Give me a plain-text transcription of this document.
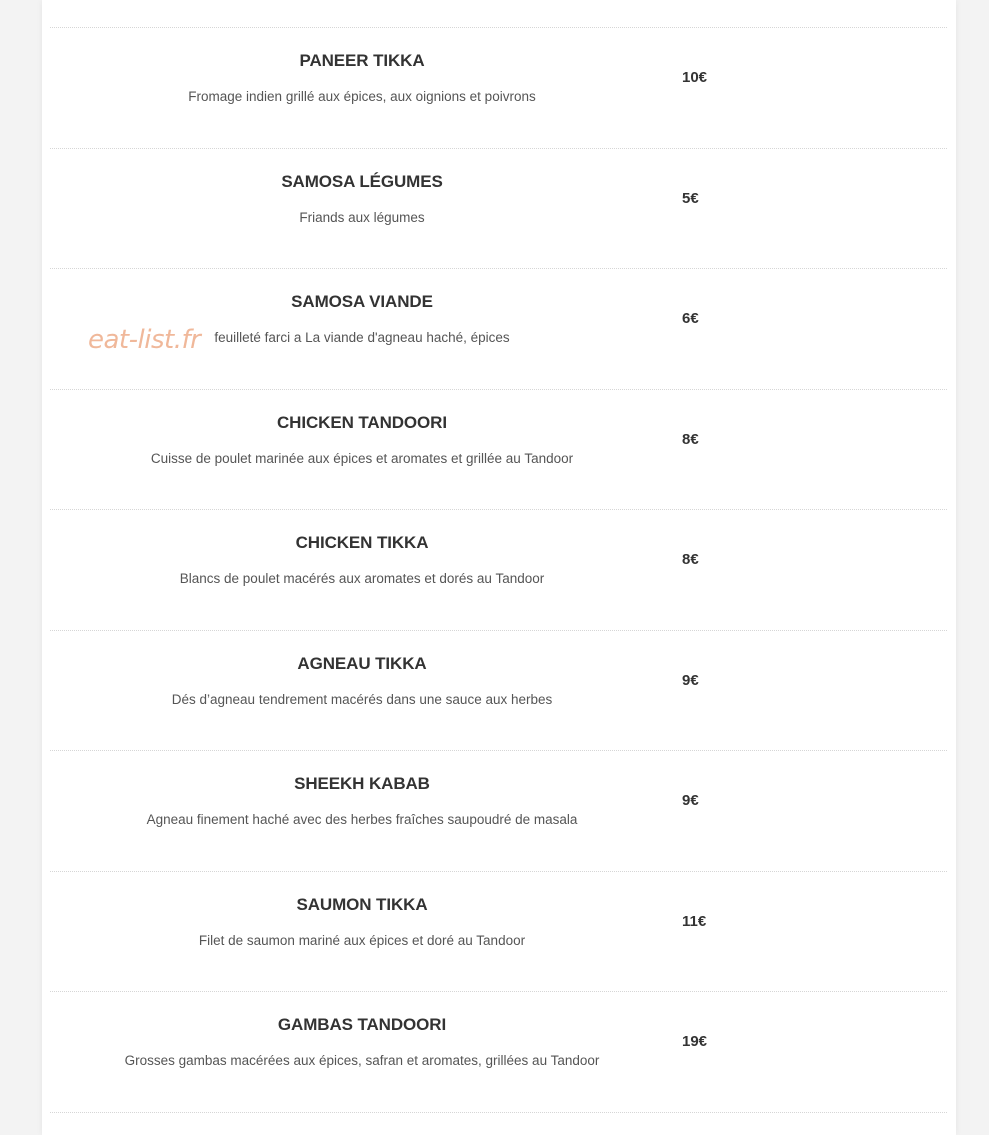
PANEER TIKKA
Fromage indien grillé aux épices, aux oignions et poivrons
10€
SAMOSA LÉGUMES
Friands aux légumes
5€
SAMOSA VIANDE
feuilleté farci a La viande d'agneau haché, épices
6€
CHICKEN TANDOORI
Cuisse de poulet marinée aux épices et aromates et grillée au Tandoor
8€
CHICKEN TIKKA
Blancs de poulet macérés aux aromates et dorés au Tandoor
8€
AGNEAU TIKKA
Dés d’agneau tendrement macérés dans une sauce aux herbes
9€
SHEEKH KABAB
Agneau finement haché avec des herbes fraîches saupoudré de masala
9€
SAUMON TIKKA
Filet de saumon mariné aux épices et doré au Tandoor
11€
GAMBAS TANDOORI
Grosses gambas macérées aux épices, safran et aromates, grillées au Tandoor
19€
eat-list.fr
